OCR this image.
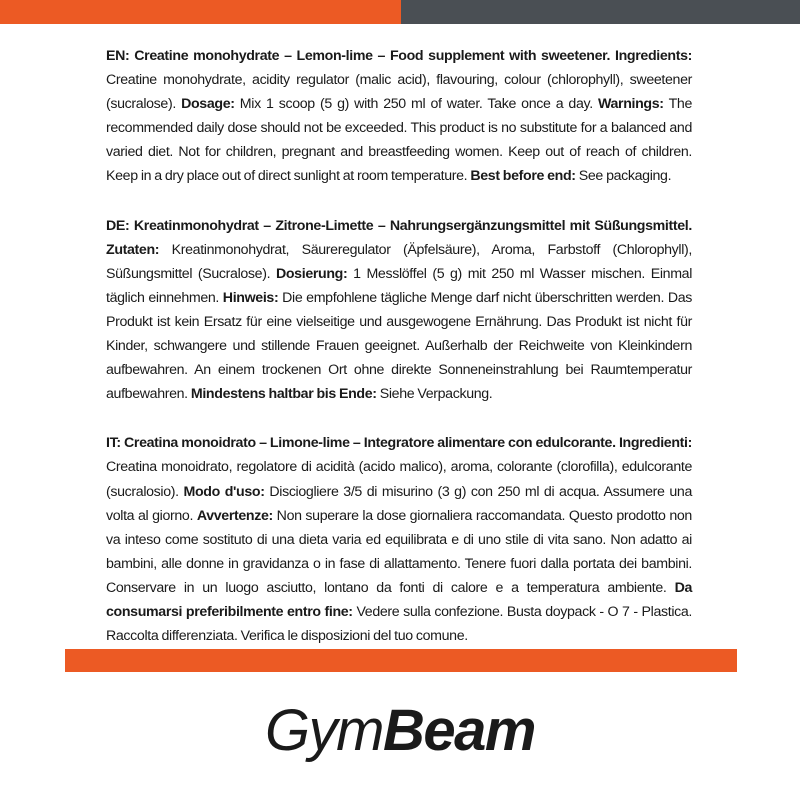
EN: Creatine monohydrate – Lemon-lime – Food supplement with sweetener. Ingredients: Creatine monohydrate, acidity regulator (malic acid), flavouring, colour (chlorophyll), sweetener (sucralose). Dosage: Mix 1 scoop (5 g) with 250 ml of water. Take once a day. Warnings: The recommended daily dose should not be exceeded. This product is no substitute for a balanced and varied diet. Not for children, pregnant and breastfeeding women. Keep out of reach of children. Keep in a dry place out of direct sunlight at room temperature. Best before end: See packaging.

DE: Kreatinmonohydrat – Zitrone-Limette – Nahrungsergänzungsmittel mit Süßungsmittel. Zutaten: Kreatinmonohydrat, Säureregulator (Äpfelsäure), Aroma, Farbstoff (Chlorophyll), Süßungsmittel (Sucralose). Dosierung: 1 Messlöffel (5 g) mit 250 ml Wasser mischen. Einmal täglich einnehmen. Hinweis: Die empfohlene tägliche Menge darf nicht überschritten werden. Das Produkt ist kein Ersatz für eine vielseitige und ausgewogene Ernährung. Das Produkt ist nicht für Kinder, schwangere und stillende Frauen geeignet. Außerhalb der Reichweite von Kleinkindern aufbewahren. An einem trockenen Ort ohne direkte Sonneneinstrahlung bei Raumtemperatur aufbewahren. Mindestens haltbar bis Ende: Siehe Verpackung.

IT: Creatina monoidrato – Limone-lime – Integratore alimentare con edulcorante. Ingredienti: Creatina monoidrato, regolatore di acidità (acido malico), aroma, colorante (clorofilla), edulcorante (sucralosio). Modo d'uso: Disciogliere 3/5 di misurino (3 g) con 250 ml di acqua. Assumere una volta al giorno. Avvertenze: Non superare la dose giornaliera raccomandata. Questo prodotto non va inteso come sostituto di una dieta varia ed equilibrata e di uno stile di vita sano. Non adatto ai bambini, alle donne in gravidanza o in fase di allattamento. Tenere fuori dalla portata dei bambini. Conservare in un luogo asciutto, lontano da fonti di calore e a temperatura ambiente. Da consumarsi preferibilmente entro fine: Vedere sulla confezione. Busta doypack - O 7 - Plastica. Raccolta differenziata. Verifica le disposizioni del tuo comune.

GymBeam
